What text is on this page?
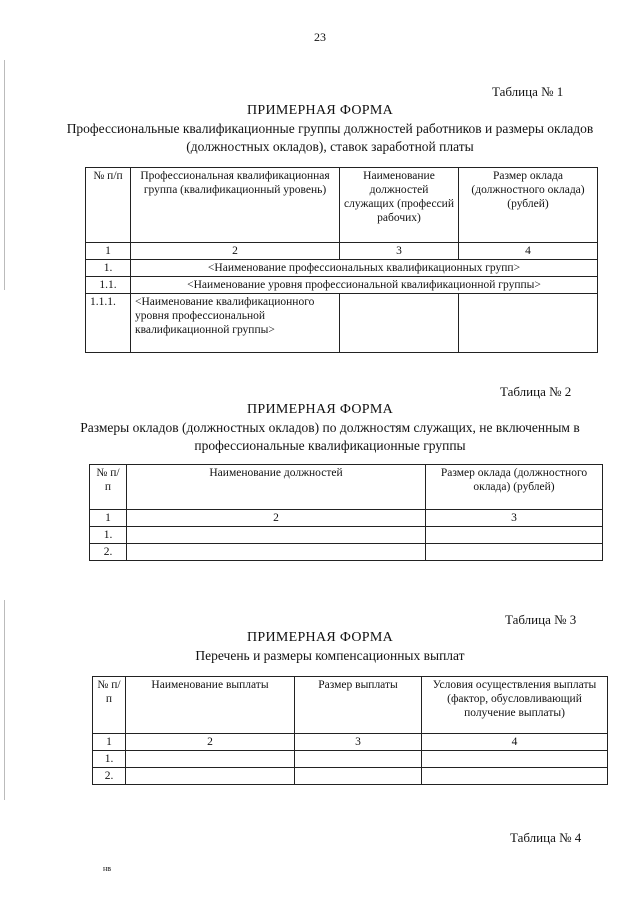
23
Таблица № 1
ПРИМЕРНАЯ ФОРМА
Профессиональные квалификационные группы должностей работников и размеры окладов (должностных окладов), ставок заработной платы
№ п/п	Профессиональная квалификационная группа (квалификационный уровень)	Наименование должностей служащих (профессий рабочих)	Размер оклада (должностного оклада) (рублей)
1	2	3	4
1.	<Наименование профессиональных квалификационных групп>		
1.1.	<Наименование уровня профессиональной квалификационной группы>		
1.1.1.	<Наименование квалификационного уровня профессиональной квалификационной группы>		
Таблица № 2
ПРИМЕРНАЯ ФОРМА
Размеры окладов (должностных окладов) по должностям служащих, не включенным в профессиональные квалификационные группы
№ п/п	Наименование должностей	Размер оклада (должностного оклада) (рублей)
1	2	3
1.		
2.		
Таблица № 3
ПРИМЕРНАЯ ФОРМА
Перечень и размеры компенсационных выплат
№ п/п	Наименование выплаты	Размер выплаты	Условия осуществления выплаты (фактор, обусловливающий получение выплаты)
1	2	3	4
1.			
2.			
Таблица № 4
нв
